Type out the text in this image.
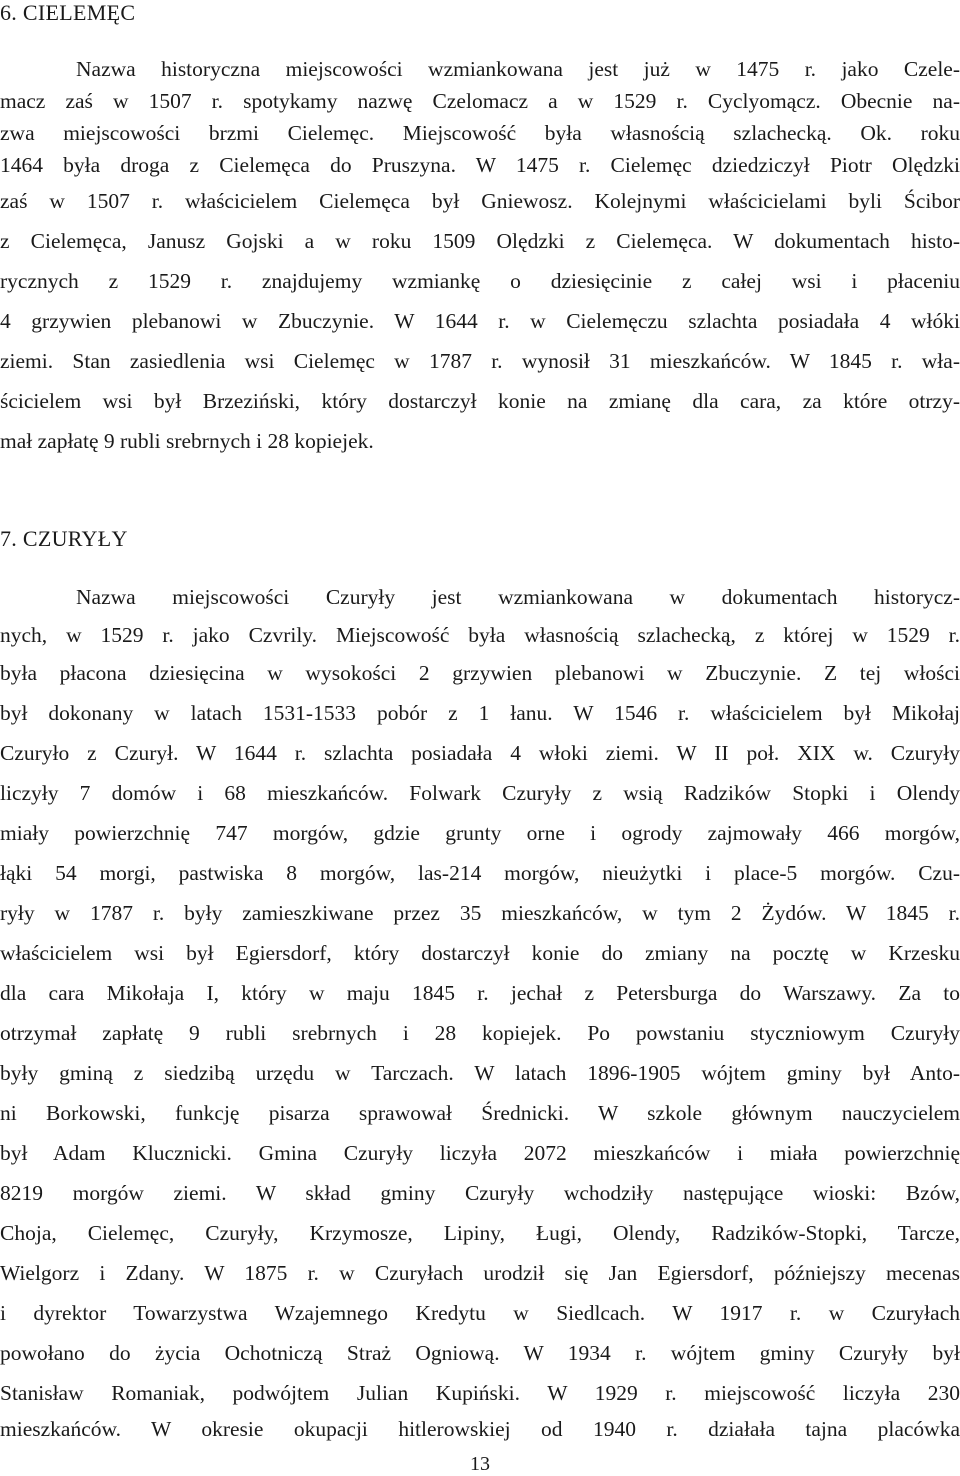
6. CIELEMĘC
Nazwa historyczna miejscowości wzmiankowana jest już w 1475 r. jako Czele-
macz zaś w 1507 r. spotykamy nazwę Czelomacz a w 1529 r. Cyclyomącz. Obecnie na-
zwa miejscowości brzmi Cielemęc. Miejscowość była własnością szlachecką. Ok. roku
1464 była droga z Cielemęca do Pruszyna. W 1475 r. Cielemęc dziedziczył Piotr Olędzki
zaś w 1507 r. właścicielem Cielemęca był Gniewosz. Kolejnymi właścicielami byli Ścibor
z Cielemęca, Janusz Gojski a w roku 1509 Olędzki z Cielemęca. W dokumentach histo-
rycznych z 1529 r. znajdujemy wzmiankę o dziesięcinie z całej wsi i płaceniu
4 grzywien plebanowi w Zbuczynie. W 1644 r. w Cielemęczu szlachta posiadała 4 włóki
ziemi. Stan zasiedlenia wsi Cielemęc w 1787 r. wynosił 31 mieszkańców. W 1845 r. wła-
ścicielem wsi był Brzeziński, który dostarczył konie na zmianę dla cara, za które otrzy-
mał zapłatę 9 rubli srebrnych i 28 kopiejek.
7. CZURYŁY
Nazwa miejscowości Czuryły jest wzmiankowana w dokumentach historycz-
nych, w 1529 r. jako Czvrily. Miejscowość była własnością szlachecką, z której w 1529 r.
była płacona dziesięcina w wysokości 2 grzywien plebanowi w Zbuczynie. Z tej włości
był dokonany w latach 1531-1533 pobór z 1 łanu. W 1546 r. właścicielem był Mikołaj
Czuryło z Czurył. W 1644 r. szlachta posiadała 4 włoki ziemi. W II poł. XIX w. Czuryły
liczyły 7 domów i 68 mieszkańców. Folwark Czuryły z wsią Radzików Stopki i Olendy
miały powierzchnię 747 morgów, gdzie grunty orne i ogrody zajmowały 466 morgów,
łąki 54 morgi, pastwiska 8 morgów, las-214 morgów, nieużytki i place-5 morgów. Czu-
ryły w 1787 r. były zamieszkiwane przez 35 mieszkańców, w tym 2 Żydów. W 1845 r.
właścicielem wsi był Egiersdorf, który dostarczył konie do zmiany na pocztę w Krzesku
dla cara Mikołaja I, który w maju 1845 r. jechał z Petersburga do Warszawy. Za to
otrzymał zapłatę 9 rubli srebrnych i 28 kopiejek. Po powstaniu styczniowym Czuryły
były gminą z siedzibą urzędu w Tarczach. W latach 1896-1905 wójtem gminy był Anto-
ni Borkowski, funkcję pisarza sprawował Średnicki. W szkole głównym nauczycielem
był Adam Klucznicki. Gmina Czuryły liczyła 2072 mieszkańców i miała powierzchnię
8219 morgów ziemi. W skład gminy Czuryły wchodziły następujące wioski: Bzów,
Choja, Cielemęc, Czuryły, Krzymosze, Lipiny, Ługi, Olendy, Radzików-Stopki, Tarcze,
Wielgorz i Zdany. W 1875 r. w Czuryłach urodził się Jan Egiersdorf, późniejszy mecenas
i dyrektor Towarzystwa Wzajemnego Kredytu w Siedlcach. W 1917 r. w Czuryłach
powołano do życia Ochotniczą Straż Ogniową. W 1934 r. wójtem gminy Czuryły był
Stanisław Romaniak, podwójtem Julian Kupiński. W 1929 r. miejscowość liczyła 230
mieszkańców. W okresie okupacji hitlerowskiej od 1940 r. działała tajna placówka
13
